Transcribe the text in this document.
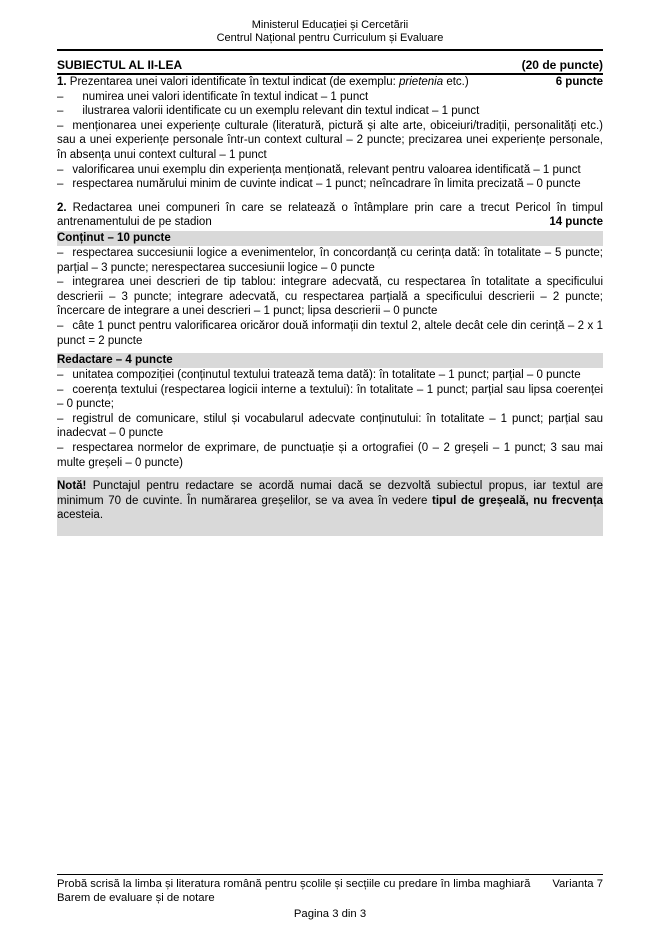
Ministerul Educației și Cercetării
Centrul Național pentru Curriculum și Evaluare
SUBIECTUL AL II-LEA	(20 de puncte)
1. Prezentarea unei valori identificate în textul indicat (de exemplu: prietenia etc.)	6 puncte

– numirea unei valori identificate în textul indicat – 1 punct

– ilustrarea valorii identificate cu un exemplu relevant din textul indicat – 1 punct

– menționarea unei experiențe culturale (literatură, pictură și alte arte, obiceiuri/tradiții, personalități etc.) sau a unei experiențe personale într-un context cultural – 2 puncte; precizarea unei experiențe personale, în absența unui context cultural – 1 punct

– valorificarea unui exemplu din experiența menționată, relevant pentru valoarea identificată – 1 punct

– respectarea numărului minim de cuvinte indicat – 1 punct; neîncadrare în limita precizată – 0 puncte

2. Redactarea unei compuneri în care se relatează o întâmplare prin care a trecut Pericol în timpul antrenamentului de pe stadion	14 puncte

Conținut – 10 puncte

– respectarea succesiunii logice a evenimentelor, în concordanță cu cerința dată: în totalitate – 5 puncte; parțial – 3 puncte; nerespectarea succesiunii logice – 0 puncte

– integrarea unei descrieri de tip tablou: integrare adecvată, cu respectarea în totalitate a specificului descrierii – 3 puncte; integrare adecvată, cu respectarea parțială a specificului descrierii – 2 puncte; încercare de integrare a unei descrieri – 1 punct; lipsa descrierii – 0 puncte

– câte 1 punct pentru valorificarea oricăror două informații din textul 2, altele decât cele din cerință – 2 x 1 punct = 2 puncte

Redactare – 4 puncte

– unitatea compoziției (conținutul textului tratează tema dată): în totalitate – 1 punct; parțial – 0 puncte

– coerența textului (respectarea logicii interne a textului): în totalitate – 1 punct; parțial sau lipsa coerenței – 0 puncte;

– registrul de comunicare, stilul și vocabularul adecvate conținutului: în totalitate – 1 punct; parțial sau inadecvat – 0 puncte

– respectarea normelor de exprimare, de punctuație și a ortografiei (0 – 2 greșeli – 1 punct; 3 sau mai multe greșeli – 0 puncte)

Notă! Punctajul pentru redactare se acordă numai dacă se dezvoltă subiectul propus, iar textul are minimum 70 de cuvinte. În numărarea greșelilor, se va avea în vedere tipul de greșeală, nu frecvența acesteia.

Probă scrisă la limba și literatura română pentru școlile și secțiile cu predare în limba maghiară Varianta 7
Barem de evaluare și de notare
Pagina 3 din 3
